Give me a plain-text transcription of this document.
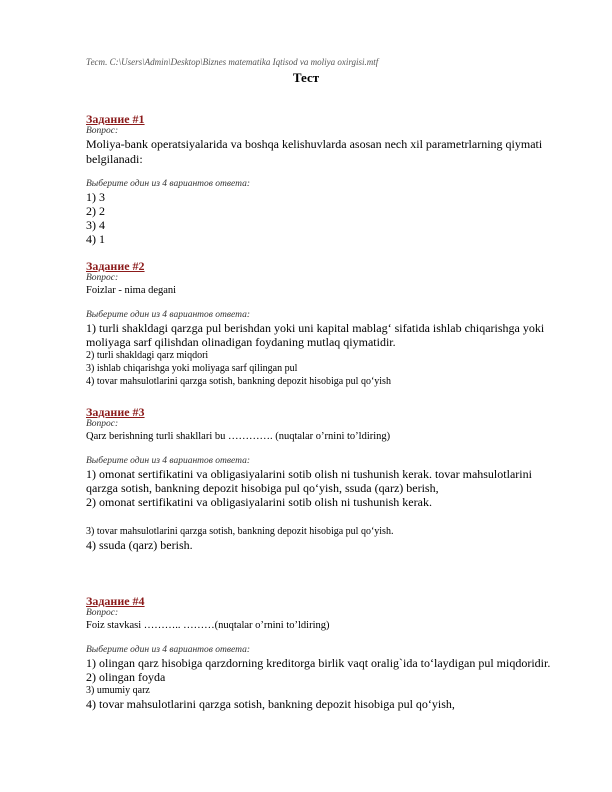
Тест. C:\Users\Admin\Desktop\Biznes matematika Iqtisod va moliya oxirgisi.mtf
Тест
Задание #1
Вопрос:
Moliya-bank operatsiyalarida va boshqa kelishuvlarda asosan nech xil parametrlarning qiymati belgilanadi:
Выберите один из 4 вариантов ответа:
1) 3
2) 2
3) 4
4) 1
Задание #2
Вопрос:
Foizlar - nima degani
Выберите один из 4 вариантов ответа:
1) turli shakldagi qarzga pul berishdan yoki uni kapital mablag‘ sifatida ishlab chiqarishga yoki moliyaga sarf qilishdan olinadigan foydaning mutlaq qiymatidir.
2) turli shakldagi qarz miqdori
3) ishlab chiqarishga yoki moliyaga sarf qilingan pul
4) tovar mahsulotlarini qarzga sotish, bankning depozit hisobiga pul qo‘yish
Задание #3
Вопрос:
Qarz berishning turli shakllari bu …………. (nuqtalar o’rnini to’ldiring)
Выберите один из 4 вариантов ответа:
1) omonat sertifikatini va obligasiyalarini sotib olish ni tushunish kerak. tovar mahsulotlarini qarzga sotish, bankning depozit hisobiga pul qo‘yish, ssuda (qarz) berish,
2) omonat sertifikatini va obligasiyalarini sotib olish ni tushunish kerak.
3) tovar mahsulotlarini qarzga sotish, bankning depozit hisobiga pul qo‘yish.
4) ssuda (qarz) berish.
Задание #4
Вопрос:
Foiz stavkasi ……….. ………(nuqtalar o’rnini to’ldiring)
Выберите один из 4 вариантов ответа:
1) olingan qarz hisobiga qarzdorning kreditorga birlik vaqt oralig`ida to‘laydigan pul miqdoridir.
2) olingan foyda
3) umumiy qarz
4) tovar mahsulotlarini qarzga sotish, bankning depozit hisobiga pul qo‘yish,
